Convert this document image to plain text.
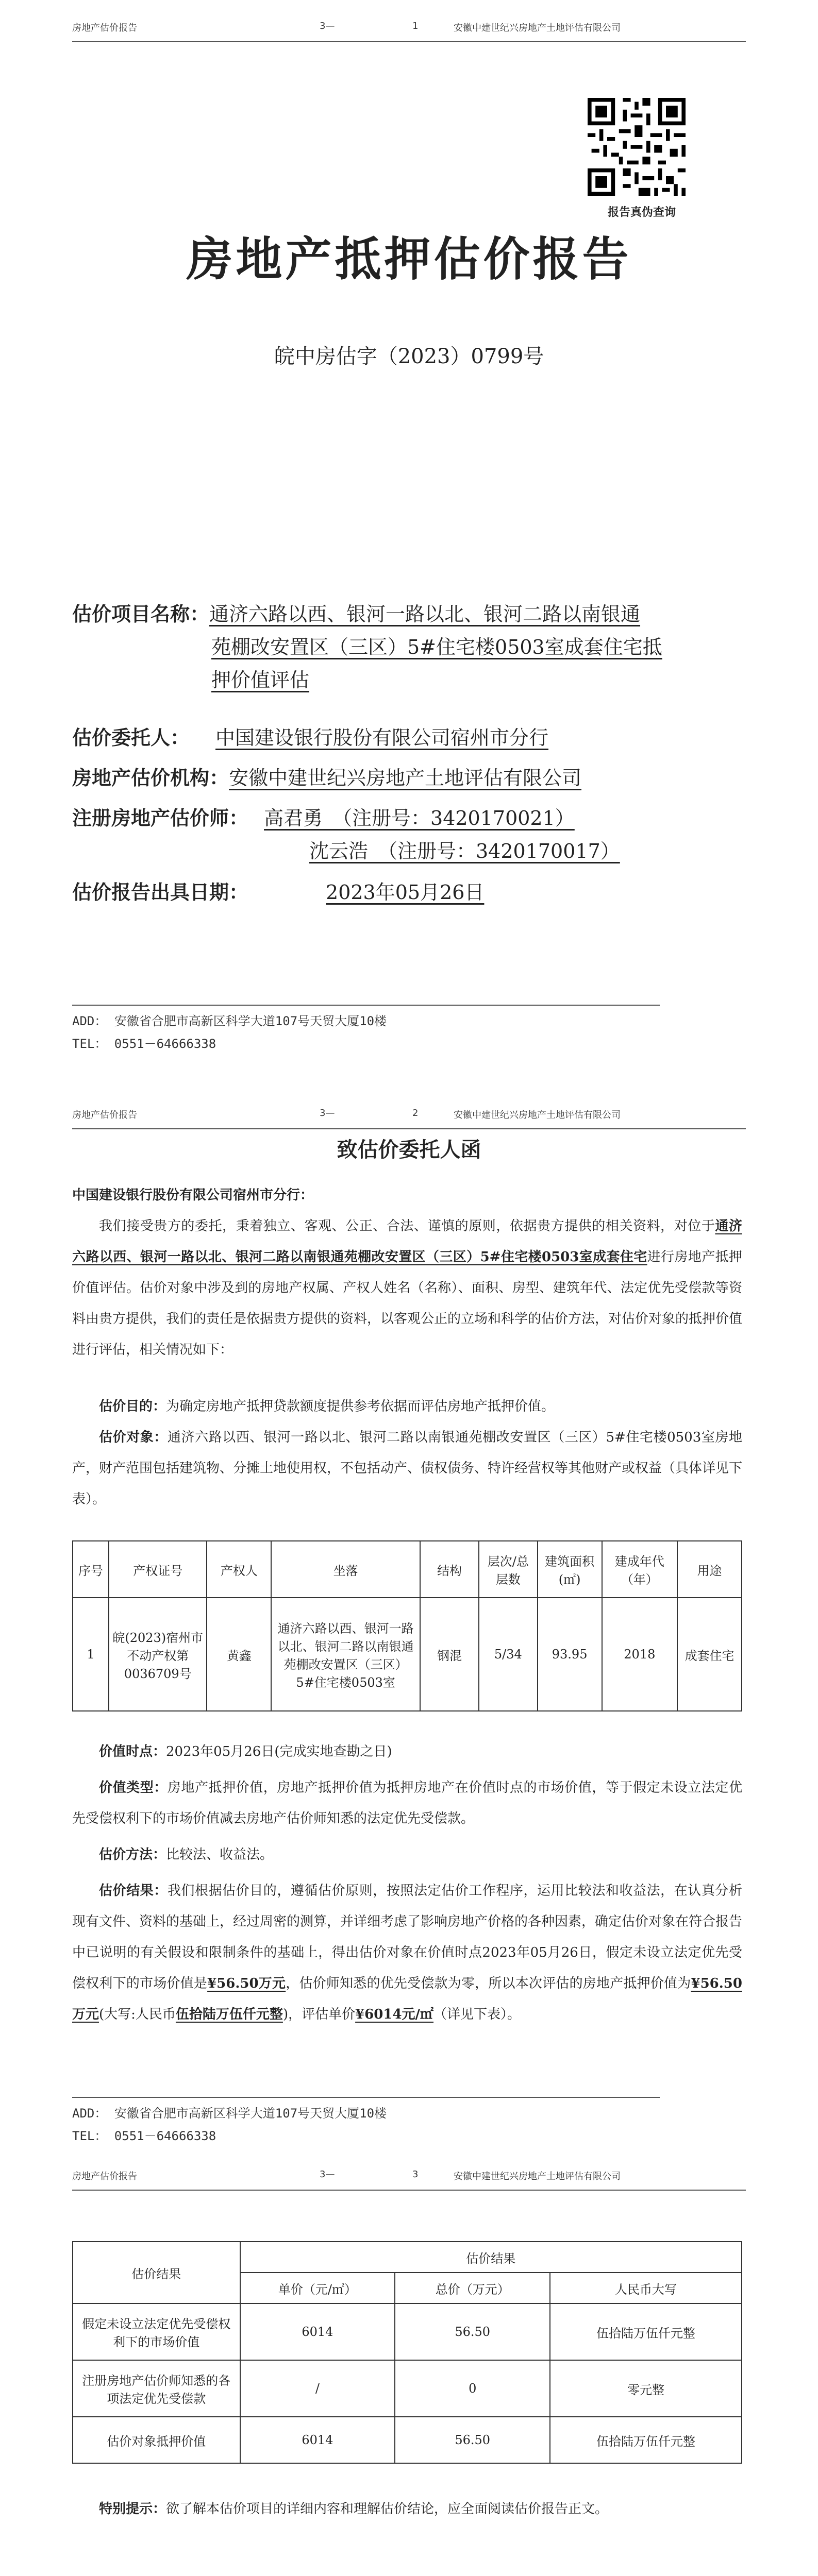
房地产估价报告	3—	1	安徽中建世纪兴房地产土地评估有限公司
报告真伪查询
房地产抵押估价报告
皖中房估字（2023）0799号
估价项目名称：通济六路以西、银河一路以北、银河二路以南银通
苑棚改安置区（三区）5#住宅楼0503室成套住宅抵
押价值评估
估价委托人： 中国建设银行股份有限公司宿州市分行
房地产估价机构：安徽中建世纪兴房地产土地评估有限公司
注册房地产估价师： 高君勇　（注册号：3420170021）
沈云浩　（注册号：3420170017）
估价报告出具日期：	2023年05月26日
ADD： 安徽省合肥市高新区科学大道107号天贸大厦10楼
TEL： 0551－64666338
房地产估价报告	3—	2	安徽中建世纪兴房地产土地评估有限公司
致估价委托人函
中国建设银行股份有限公司宿州市分行：
我们接受贵方的委托，秉着独立、客观、公正、合法、谨慎的原则，依据贵方提供的相关资料，对位于通济六路以西、银河一路以北、银河二路以南银通苑棚改安置区（三区）5#住宅楼0503室成套住宅进行房地产抵押价值评估。估价对象中涉及到的房地产权属、产权人姓名（名称）、面积、房型、建筑年代、法定优先受偿款等资料由贵方提供，我们的责任是依据贵方提供的资料，以客观公正的立场和科学的估价方法，对估价对象的抵押价值进行评估，相关情况如下：
估价目的：为确定房地产抵押贷款额度提供参考依据而评估房地产抵押价值。
估价对象：通济六路以西、银河一路以北、银河二路以南银通苑棚改安置区（三区）5#住宅楼0503室房地产，财产范围包括建筑物、分摊土地使用权，不包括动产、债权债务、特许经营权等其他财产或权益（具体详见下表）。
序号	产权证号	产权人	坐落	结构	层次/总层数	建筑面积(㎡)	建成年代（年）	用途
1	皖(2023)宿州市不动产权第0036709号	黄鑫	通济六路以西、银河一路以北、银河二路以南银通苑棚改安置区（三区）5#住宅楼0503室	钢混	5/34	93.95	2018	成套住宅
价值时点：2023年05月26日(完成实地查勘之日)
价值类型：房地产抵押价值，房地产抵押价值为抵押房地产在价值时点的市场价值，等于假定未设立法定优先受偿权利下的市场价值减去房地产估价师知悉的法定优先受偿款。
估价方法：比较法、收益法。
估价结果：我们根据估价目的，遵循估价原则，按照法定估价工作程序，运用比较法和收益法，在认真分析现有文件、资料的基础上，经过周密的测算，并详细考虑了影响房地产价格的各种因素，确定估价对象在符合报告中已说明的有关假设和限制条件的基础上，得出估价对象在价值时点2023年05月26日，假定未设立法定优先受偿权利下的市场价值是¥56.50万元，估价师知悉的优先受偿款为零，所以本次评估的房地产抵押价值为¥56.50万元(大写:人民币伍拾陆万伍仟元整)，评估单价¥6014元/㎡（详见下表）。
ADD： 安徽省合肥市高新区科学大道107号天贸大厦10楼
TEL： 0551－64666338
房地产估价报告	3—	3	安徽中建世纪兴房地产土地评估有限公司
估价结果	估价结果		
	单价（元/㎡）	总价（万元）	人民币大写
假定未设立法定优先受偿权利下的市场价值	6014	56.50	伍拾陆万伍仟元整
注册房地产估价师知悉的各项法定优先受偿款	/	0	零元整
估价对象抵押价值	6014	56.50	伍拾陆万伍仟元整
特别提示：欲了解本估价项目的详细内容和理解估价结论，应全面阅读估价报告正文。
